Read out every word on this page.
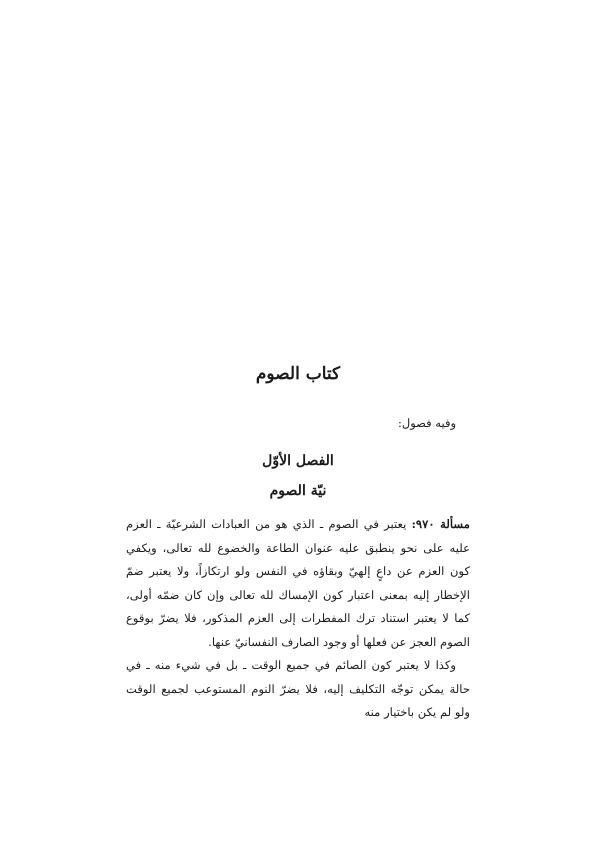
كتاب الصوم
وفيه فصول:
الفصل الأوّل
نيّة الصوم

مسألة ٩٧٠: يعتبر في الصوم ـ الذي هو من العبادات الشرعيّة ـ العزم عليه على نحو ينطبق عليه عنوان الطاعة والخضوع لله تعالى، ويكفي كون العزم عن داعٍ إلهيّ وبقاؤه في النفس ولو ارتكازاً، ولا يعتبر ضمّ الإخطار إليه بمعنى اعتبار كون الإمساك لله تعالى وإن كان ضمّه أولى، كما لا يعتبر استناد ترك المفطرات إلى العزم المذكور، فلا يضرّ بوقوع الصوم العجز عن فعلها أو وجود الصارف النفسانيّ عنها.

وكذا لا يعتبر كون الصائم في جميع الوقت ـ بل في شيء منه ـ في حالة يمكن توجّه التكليف إليه، فلا يضرّ النوم المستوعب لجميع الوقت ولو لم يكن باختيار منه
